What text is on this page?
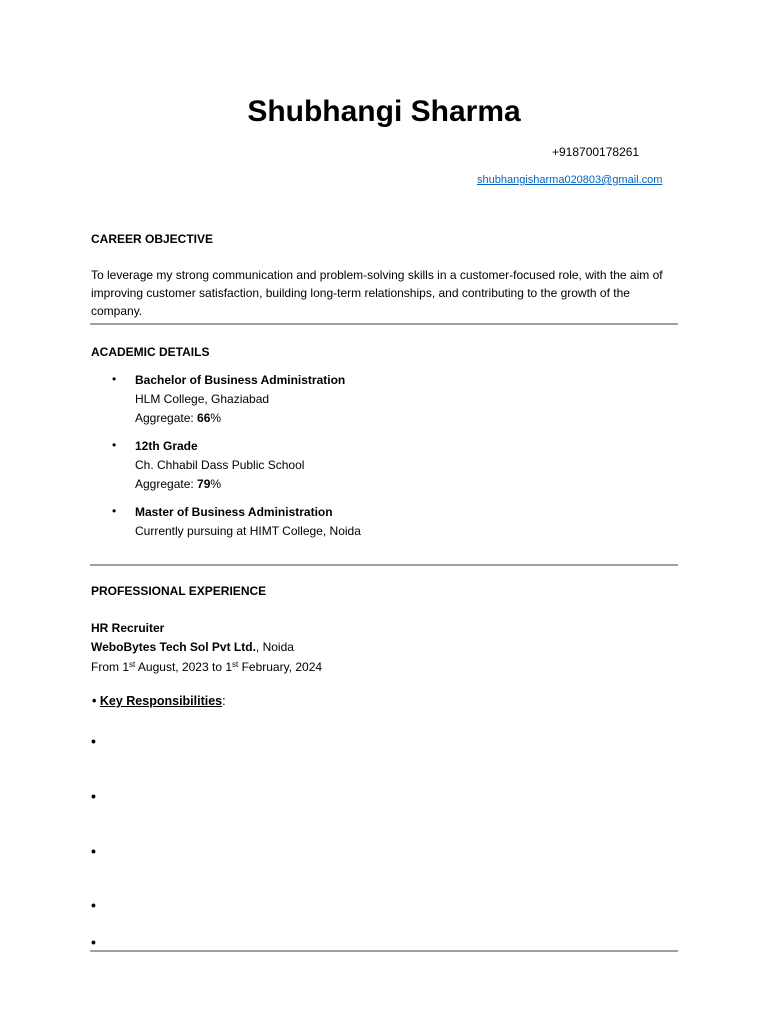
Shubhangi Sharma
+918700178261
shubhangisharma020803@gmail.com
CAREER OBJECTIVE
To leverage my strong communication and problem-solving skills in a customer-focused role, with the aim of improving customer satisfaction, building long-term relationships, and contributing to the growth of the company.
ACADEMIC DETAILS
• Bachelor of Business Administration
HLM College, Ghaziabad
Aggregate: 66%
• 12th Grade
Ch. Chhabil Dass Public School
Aggregate: 79%
• Master of Business Administration
Currently pursuing at HIMT College, Noida
PROFESSIONAL EXPERIENCE
HR Recruiter
WeboBytes Tech Sol Pvt Ltd., Noida
From 1st August, 2023 to 1st February, 2024
• Key Responsibilities:
•
•
•
•
•
